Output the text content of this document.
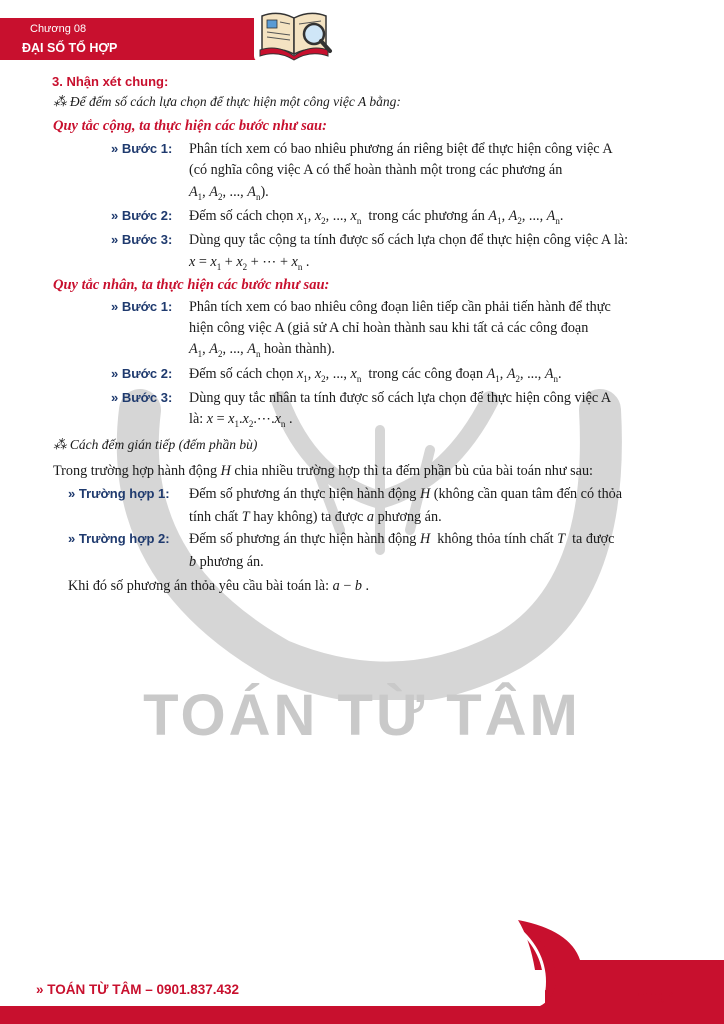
Chương 08
ĐẠI SỐ TỔ HỢP
TOÁN TỪ TÂM
3. Nhận xét chung:
⁂ Để đếm số cách lựa chọn để thực hiện một công việc A bằng:
Quy tắc cộng, ta thực hiện các bước như sau:
» Bước 1: Phân tích xem có bao nhiêu phương án riêng biệt để thực hiện công việc A
(có nghĩa công việc A có thể hoàn thành một trong các phương án
$A_1$, $A_2$, ..., $A_n$).
» Bước 2: Đếm số cách chọn $x_1$, $x_2$, ..., $x_n$ trong các phương án $A_1$, $A_2$, ..., $A_n$.
» Bước 3: Dùng quy tắc cộng ta tính được số cách lựa chọn để thực hiện công việc A là:
$x = x_1 + x_2$ + ⋯ + $x_n$ .
Quy tắc nhân, ta thực hiện các bước như sau:
» Bước 1: Phân tích xem có bao nhiêu công đoạn liên tiếp cần phải tiến hành để thực
hiện công việc A (giả sử A chỉ hoàn thành sau khi tất cả các công đoạn
$A_1$, $A_2$, ..., $A_n$ hoàn thành).
» Bước 2: Đếm số cách chọn $x_1$, $x_2$, ..., $x_n$ trong các công đoạn $A_1$, $A_2$, ..., $A_n$.
» Bước 3: Dùng quy tắc nhân ta tính được số cách lựa chọn để thực hiện công việc A
là: $x = x_1.x_2.\cdots.x_n$ .
⁂ Cách đếm gián tiếp (đếm phần bù)
Trong trường hợp hành động H chia nhiều trường hợp thì ta đếm phần bù của bài toán như sau:
» Trường hợp 1: Đếm số phương án thực hiện hành động H (không cần quan tâm đến có thỏa
tính chất T hay không) ta được a phương án.
» Trường hợp 2: Đếm số phương án thực hiện hành động H không thỏa tính chất T ta được
b phương án.
Khi đó số phương án thỏa yêu cầu bài toán là: a − b .
» TOÁN TỪ TÂM – 0901.837.432	Trang 4
